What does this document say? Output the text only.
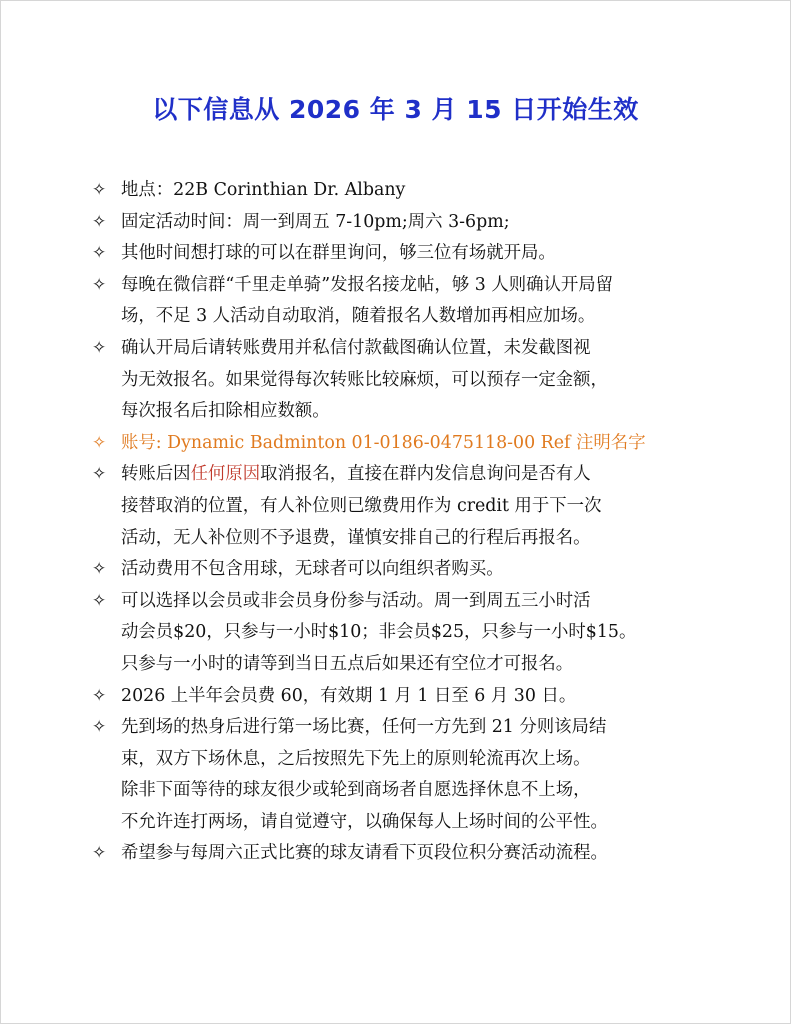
以下信息从 2026 年 3 月 15 日开始生效
✧ 地点：22B Corinthian Dr. Albany
✧ 固定活动时间：周一到周五 7-10pm;周六 3-6pm;
✧ 其他时间想打球的可以在群里询问，够三位有场就开局。
✧ 每晚在微信群“千里走单骑”发报名接龙帖，够 3 人则确认开局留
场，不足 3 人活动自动取消，随着报名人数增加再相应加场。
✧ 确认开局后请转账费用并私信付款截图确认位置，未发截图视
为无效报名。如果觉得每次转账比较麻烦，可以预存一定金额，
每次报名后扣除相应数额。
✧ 账号: Dynamic Badminton 01-0186-0475118-00 Ref 注明名字
✧ 转账后因任何原因取消报名，直接在群内发信息询问是否有人
接替取消的位置，有人补位则已缴费用作为 credit 用于下一次
活动，无人补位则不予退费，谨慎安排自己的行程后再报名。
✧ 活动费用不包含用球，无球者可以向组织者购买。
✧ 可以选择以会员或非会员身份参与活动。周一到周五三小时活
动会员$20，只参与一小时$10；非会员$25，只参与一小时$15。
只参与一小时的请等到当日五点后如果还有空位才可报名。
✧ 2026 上半年会员费 60，有效期 1 月 1 日至 6 月 30 日。
✧ 先到场的热身后进行第一场比赛，任何一方先到 21 分则该局结
束，双方下场休息，之后按照先下先上的原则轮流再次上场。
除非下面等待的球友很少或轮到商场者自愿选择休息不上场，
不允许连打两场，请自觉遵守，以确保每人上场时间的公平性。
✧ 希望参与每周六正式比赛的球友请看下页段位积分赛活动流程。
